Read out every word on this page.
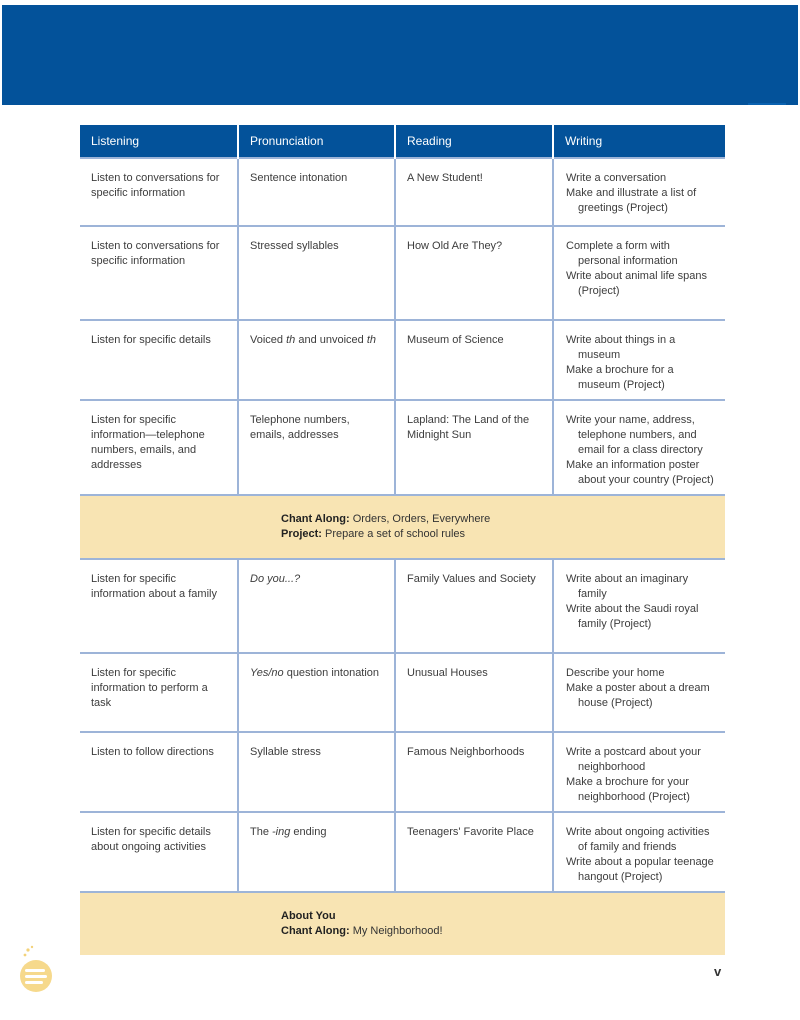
Listening	Pronunciation	Reading	Writing
Listen to conversations for specific information	Sentence intonation	A New Student!	Write a conversation
Make and illustrate a list of greetings (Project)

Listen to conversations for specific information	Stressed syllables	How Old Are They?	Complete a form with personal information
Write about animal life spans (Project)

Listen for specific details	Voiced th and unvoiced th	Museum of Science	Write about things in a museum
Make a brochure for a museum (Project)

Listen for specific information—telephone numbers, emails, and addresses	Telephone numbers, emails, addresses	Lapland: The Land of the Midnight Sun	Write your name, address, telephone numbers, and email for a class directory
Make an information poster about your country (Project)

Chant Along: Orders, Orders, Everywhere
Project: Prepare a set of school rules			

Listen for specific information about a family	Do you...?	Family Values and Society	Write about an imaginary family
Write about the Saudi royal family (Project)

Listen for specific information to perform a task	Yes/no question intonation	Unusual Houses	Describe your home
Make a poster about a dream house (Project)

Listen to follow directions	Syllable stress	Famous Neighborhoods	Write a postcard about your neighborhood
Make a brochure for your neighborhood (Project)

Listen for specific details about ongoing activities	The -ing ending	Teenagers' Favorite Place	Write about ongoing activities of family and friends
Write about a popular teenage hangout (Project)

About You
Chant Along: My Neighborhood!			
v
